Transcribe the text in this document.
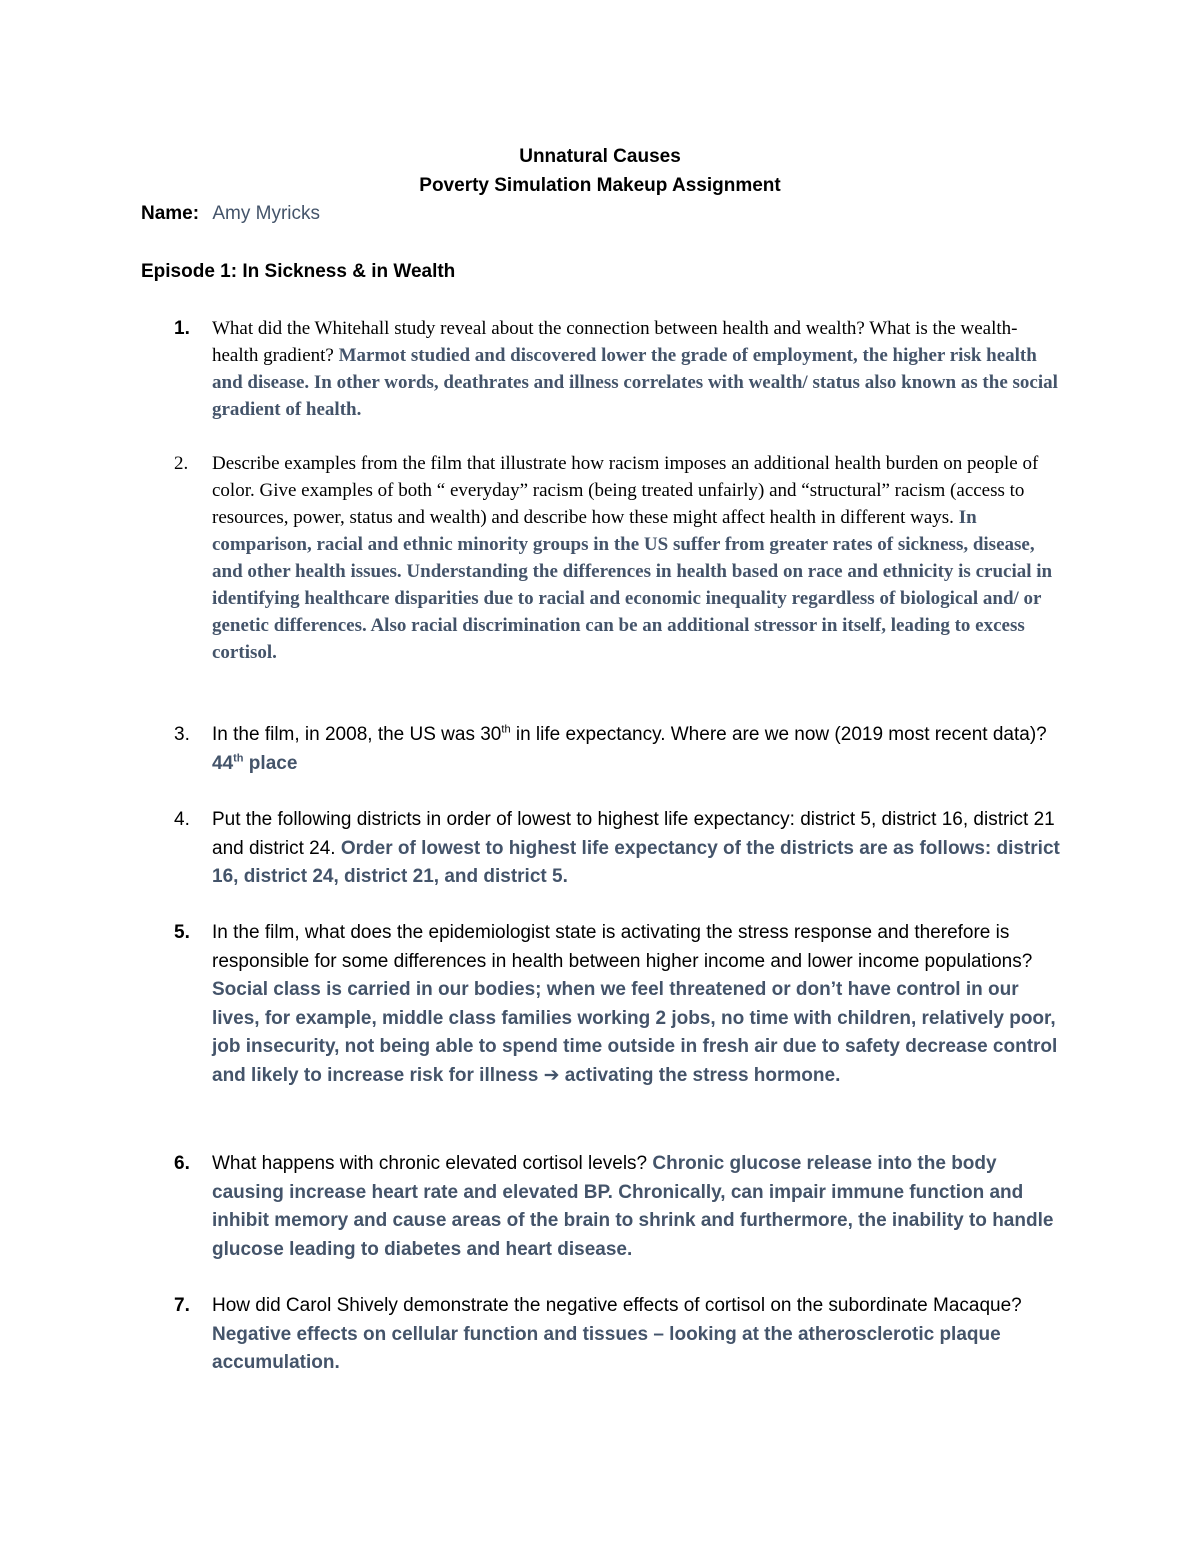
Unnatural Causes
Poverty Simulation Makeup Assignment
Name: Amy Myricks
Episode 1: In Sickness & in Wealth
1.	What did the Whitehall study reveal about the connection between health and wealth? What is the wealth-health gradient? Marmot studied and discovered lower the grade of employment, the higher risk health and disease. In other words, deathrates and illness correlates with wealth/ status also known as the social gradient of health.
2.	Describe examples from the film that illustrate how racism imposes an additional health burden on people of color. Give examples of both “ everyday” racism (being treated unfairly) and “structural” racism (access to resources, power, status and wealth) and describe how these might affect health in different ways. In comparison, racial and ethnic minority groups in the US suffer from greater rates of sickness, disease, and other health issues. Understanding the differences in health based on race and ethnicity is crucial in identifying healthcare disparities due to racial and economic inequality regardless of biological and/ or genetic differences. Also racial discrimination can be an additional stressor in itself, leading to excess cortisol.
3.	In the film, in 2008, the US was 30th in life expectancy. Where are we now (2019 most recent data)? 44th place
4.	Put the following districts in order of lowest to highest life expectancy: district 5, district 16, district 21 and district 24. Order of lowest to highest life expectancy of the districts are as follows: district 16, district 24, district 21, and district 5.
5.	In the film, what does the epidemiologist state is activating the stress response and therefore is responsible for some differences in health between higher income and lower income populations? Social class is carried in our bodies; when we feel threatened or don’t have control in our lives, for example, middle class families working 2 jobs, no time with children, relatively poor, job insecurity, not being able to spend time outside in fresh air due to safety decrease control and likely to increase risk for illness ➔ activating the stress hormone.
6.	What happens with chronic elevated cortisol levels? Chronic glucose release into the body causing increase heart rate and elevated BP. Chronically, can impair immune function and inhibit memory and cause areas of the brain to shrink and furthermore, the inability to handle glucose leading to diabetes and heart disease.
7.	How did Carol Shively demonstrate the negative effects of cortisol on the subordinate Macaque? Negative effects on cellular function and tissues – looking at the atherosclerotic plaque accumulation.
